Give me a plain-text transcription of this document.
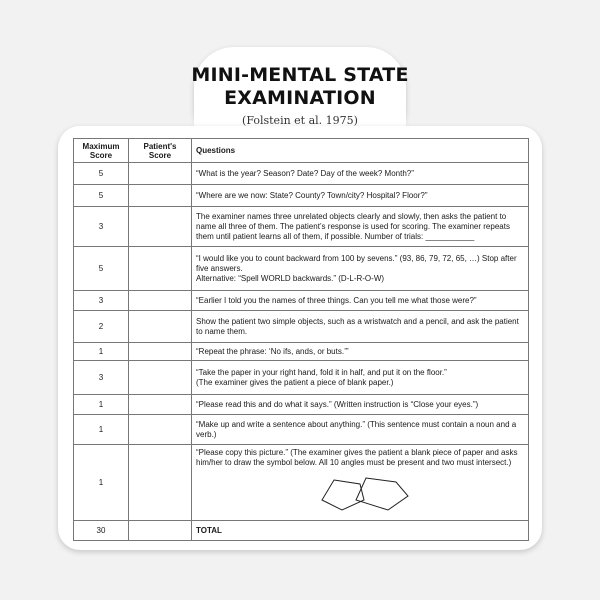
MINI-MENTAL STATE
EXAMINATION
(Folstein et al. 1975)
Maximum Score	Patient's Score	Questions
5		“What is the year? Season? Date? Day of the week? Month?”
5		“Where are we now: State? County? Town/city? Hospital? Floor?”
3		The examiner names three unrelated objects clearly and slowly, then asks the patient to name all three of them. The patient’s response is used for scoring. The examiner repeats them until patient learns all of them, if possible. Number of trials: ___________
5		“I would like you to count backward from 100 by sevens.” (93, 86, 79, 72, 65, …) Stop after five answers.
Alternative: “Spell WORLD backwards.” (D-L-R-O-W)

3		“Earlier I told you the names of three things. Can you tell me what those were?”
2		Show the patient two simple objects, such as a wristwatch and a pencil, and ask the patient to name them.
1		“Repeat the phrase: ‘No ifs, ands, or buts.’”
3		“Take the paper in your right hand, fold it in half, and put it on the floor.”
(The examiner gives the patient a piece of blank paper.)

1		“Please read this and do what it says.” (Written instruction is “Close your eyes.”)
1		“Make up and write a sentence about anything.” (This sentence must contain a noun and a verb.)
1		“Please copy this picture.” (The examiner gives the patient a blank piece of paper and asks him/her to draw the symbol below. All 10 angles must be present and two must intersect.)

30		TOTAL
